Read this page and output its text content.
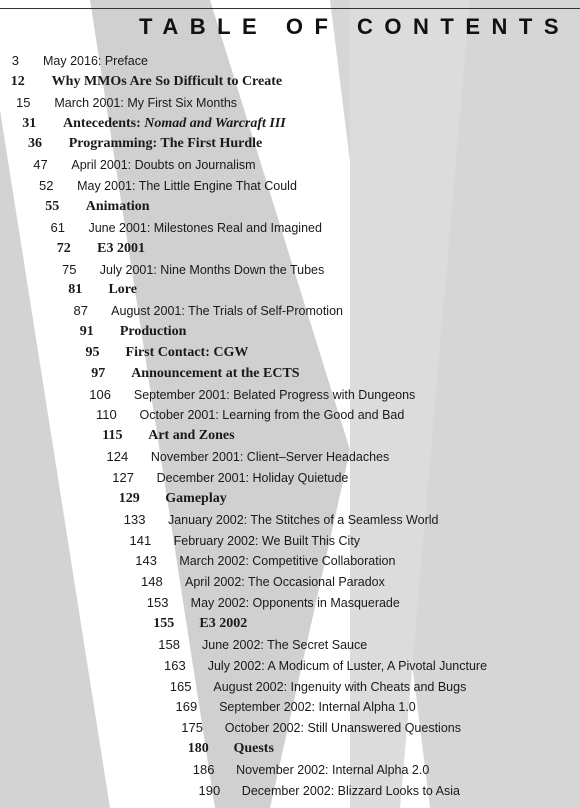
TABLE OF CONTENTS
3 May 2016: Preface
12 Why MMOs Are So Difficult to Create
15 March 2001: My First Six Months
31 Antecedents: Nomad and Warcraft III
36 Programming: The First Hurdle
47 April 2001: Doubts on Journalism
52 May 2001: The Little Engine That Could
55 Animation
61 June 2001: Milestones Real and Imagined
72 E3 2001
75 July 2001: Nine Months Down the Tubes
81 Lore
87 August 2001: The Trials of Self-Promotion
91 Production
95 First Contact: CGW
97 Announcement at the ECTS
106 September 2001: Belated Progress with Dungeons
110 October 2001: Learning from the Good and Bad
115 Art and Zones
124 November 2001: Client–Server Headaches
127 December 2001: Holiday Quietude
129 Gameplay
133 January 2002: The Stitches of a Seamless World
141 February 2002: We Built This City
143 March 2002: Competitive Collaboration
148 April 2002: The Occasional Paradox
153 May 2002: Opponents in Masquerade
155 E3 2002
158 June 2002: The Secret Sauce
163 July 2002: A Modicum of Luster, A Pivotal Juncture
165 August 2002: Ingenuity with Cheats and Bugs
169 September 2002: Internal Alpha 1.0
175 October 2002: Still Unanswered Questions
180 Quests
186 November 2002: Internal Alpha 2.0
190 December 2002: Blizzard Looks to Asia
